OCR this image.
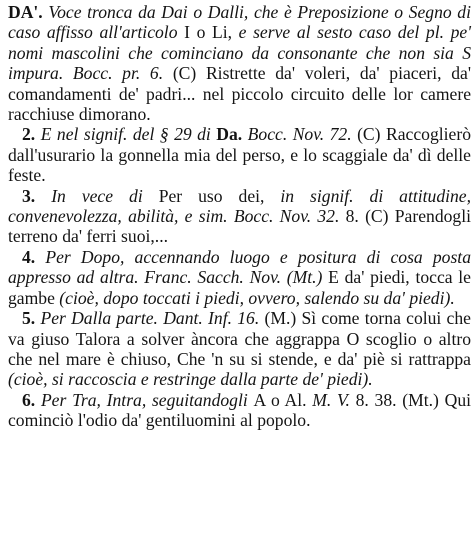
DA'. Voce tronca da Dai o Dalli, che è Preposizione o Segno di caso affisso all'articolo I o Li, e serve al sesto caso del pl. pe' nomi mascolini che cominciano da consonante che non sia S impura. Bocc. pr. 6. (C) Ristrette da' voleri, da' piaceri, da' comandamenti de' padri... nel piccolo circuito delle lor camere racchiuse dimorano.

2. E nel signif. del § 29 di Da. Bocc. Nov. 72. (C) Raccoglierò dall'usurario la gonnella mia del perso, e lo scaggiale da' dì delle feste.

3. In vece di Per uso dei, in signif. di attitudine, convenevolezza, abilità, e sim. Bocc. Nov. 32. 8. (C) Parendogli terreno da' ferri suoi,...

4. Per Dopo, accennando luogo e positura di cosa posta appresso ad altra. Franc. Sacch. Nov. (Mt.) E da' piedi, tocca le gambe (cioè, dopo toccati i piedi, ovvero, salendo su da' piedi).

5. Per Dalla parte. Dant. Inf. 16. (M.) Sì come torna colui che va giuso Talora a solver àncora che aggrappa O scoglio o altro che nel mare è chiuso, Che 'n su si stende, e da' piè si rattrappa (cioè, si raccoscia e restringe dalla parte de' piedi).

6. Per Tra, Intra, seguitandogli A o Al. M. V. 8. 38. (Mt.) Qui cominciò l'odio da' gentiluomini al popolo.
